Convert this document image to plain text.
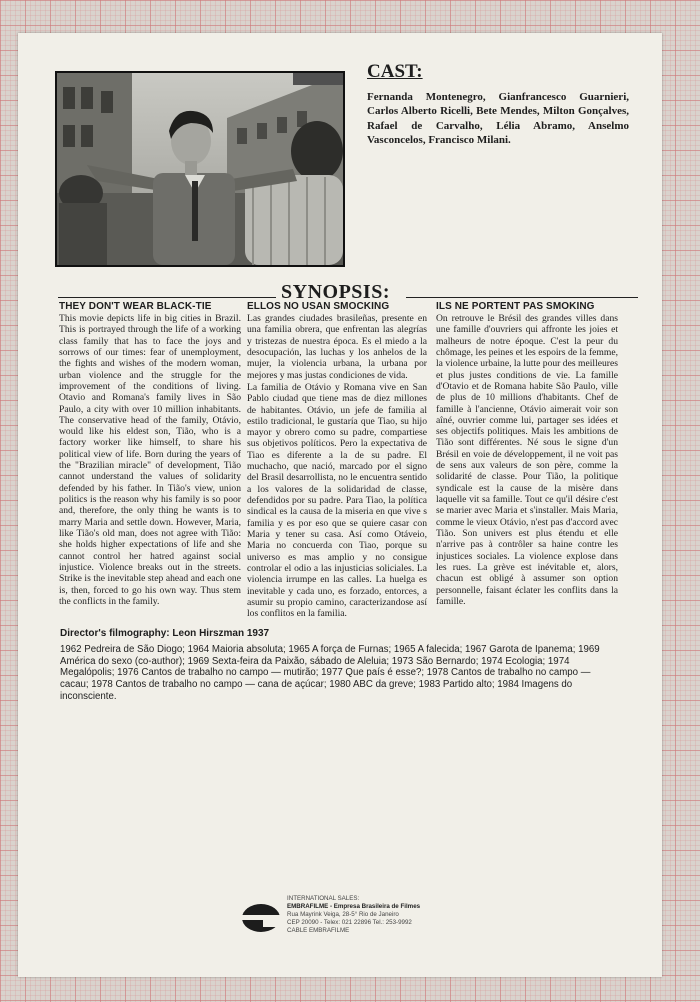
CAST:

Fernanda Montenegro, Gianfrancesco Guarnieri, Carlos Alberto Ricelli, Bete Mendes, Milton Gonçalves, Rafael de Carvalho, Lélia Abramo, Anselmo Vasconcelos, Francisco Milani.

SYNOPSIS:
THEY DON'T WEAR BLACK-TIE

This movie depicts life in big cities in Brazil. This is portrayed through the life of a working class family that has to face the joys and sorrows of our times: fear of unemployment, the fights and wishes of the modern woman, urban violence and the struggle for the improvement of the conditions of living. Otavio and Romana's family lives in São Paulo, a city with over 10 million inhabitants. The conservative head of the family, Otávio, would like his eldest son, Tião, who is a factory worker like himself, to share his political view of life. Born during the years of the "Brazilian miracle" of development, Tião cannot understand the values of solidarity defended by his father. In Tião's view, union politics is the reason why his family is so poor and, therefore, the only thing he wants is to marry Maria and settle down. However, Maria, like Tião's old man, does not agree with Tião: she holds higher expectations of life and she cannot control her hatred against social injustice. Violence breaks out in the streets. Strike is the inevitable step ahead and each one is, then, forced to go his own way. Thus stem the conflicts in the family.

ELLOS NO USAN SMOCKING

Las grandes ciudades brasileñas, presente en una familia obrera, que enfrentan las alegrías y tristezas de nuestra época. Es el miedo a la desocupación, las luchas y los anhelos de la mujer, la violencia urbana, la urbana por mejores y mas justas condiciones de vida.

La familia de Otávio y Romana vive en San Pablo ciudad que tiene mas de diez millones de habitantes. Otávio, un jefe de familia al estilo tradicional, le gustaría que Tiao, su hijo mayor y obrero como su padre, compartiese sus objetivos políticos. Pero la expectativa de Tiao es diferente a la de su padre. El muchacho, que nació, marcado por el signo del Brasil desarrollista, no le encuentra sentido a los valores de la solidaridad de classe, defendidos por su padre. Para Tiao, la política sindical es la causa de la miseria en que vive s familia y es por eso que se quiere casar con Maria y tener su casa. Así como Otáveio, Maria no concuerda con Tiao, porque su universo es mas amplio y no consigue controlar el odio a las injusticias soliciales. La violencia irrumpe en las calles. La huelga es inevitable y cada uno, es forzado, entorces, a asumir su propio camino, caracterizandose así los conflitos en la familia.

ILS NE PORTENT PAS SMOKING

On retrouve le Brésil des grandes villes dans une famille d'ouvriers qui affronte les joies et malheurs de notre époque. C'est la peur du chômage, les peines et les espoirs de la femme, la violence urbaine, la lutte pour des meilleures et plus justes conditions de vie. La famille d'Otavio et de Romana habite São Paulo, ville de plus de 10 millions d'habitants. Chef de famille à l'ancienne, Otávio aimerait voir son aîné, ouvrier comme lui, partager ses idées et ses objectifs politiques. Mais les ambitions de Tião sont différentes. Né sous le signe d'un Brésil en voie de développement, il ne voit pas de sens aux valeurs de son père, comme la solidarité de classe. Pour Tião, la politique syndicale est la cause de la misère dans laquelle vit sa famille. Tout ce qu'il désire c'est se marier avec Maria et s'installer. Mais Maria, comme le vieux Otávio, n'est pas d'accord avec Tião. Son univers est plus étendu et elle n'arrive pas à contrôler sa haine contre les injustices sociales. La violence explose dans les rues. La grève est inévitable et, alors, chacun est obligé à assumer son option personnelle, faisant éclater les conflits dans la famille.

Director's filmography: Leon Hirszman 1937

1962 Pedreira de São Diogo; 1964 Maioria absoluta; 1965 A força de Furnas; 1965 A falecida; 1967 Garota de Ipanema; 1969 América do sexo (co-author); 1969 Sexta-feira da Paixão, sábado de Aleluia; 1973 São Bernardo; 1974 Ecologia; 1974 Megalópolis; 1976 Cantos de trabalho no campo — mutirão; 1977 Que país é esse?; 1978 Cantos de trabalho no campo — cacau; 1978 Cantos de trabalho no campo — cana de açúcar; 1980 ABC da greve; 1983 Partido alto; 1984 Imagens do inconsciente.

INTERNATIONAL SALES:
EMBRAFILME - Empresa Brasileira de Filmes
Rua Mayrink Veiga, 28-5° Rio de Janeiro
CEP 20090 - Telex: 021 22896 Tel.: 253-9992
CABLE EMBRAFILME
